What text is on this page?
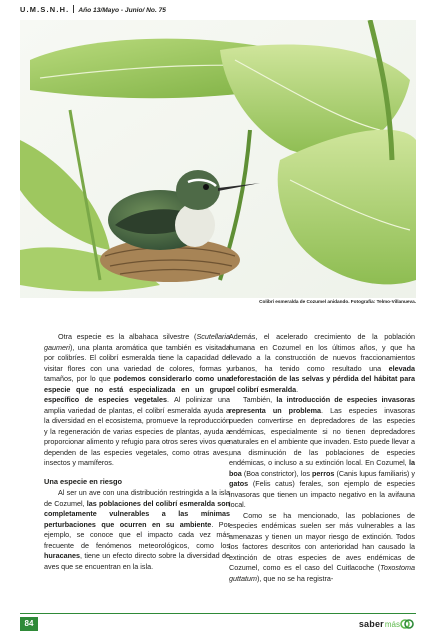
U.M.S.N.H. Año 13/Mayo - Junio/ No. 75
Colibrí esmeralda de Cozumel anidando. Fotografía: Telmo-Villanueva.

Otra especie es la albahaca silvestre (Scutellaria gaumeri), una planta aromática que también es visitada por colibríes. El colibrí esmeralda tiene la capacidad de visitar flores con una variedad de colores, formas y tamaños, por lo que podemos considerarlo como una especie que no está especializada en un grupo específico de especies vegetales. Al polinizar una amplia variedad de plantas, el colibrí esmeralda ayuda a la diversidad en el ecosistema, promueve la reproducción y la regeneración de varias especies de plantas, ayuda a proporcionar alimento y refugio para otros seres vivos que dependen de las especies vegetales, como otras aves, insectos y mamíferos.

Una especie en riesgo

Al ser un ave con una distribución restringida a la isla de Cozumel, las poblaciones del colibrí esmeralda son completamente vulnerables a las mínimas perturbaciones que ocurren en su ambiente. Por ejemplo, se conoce que el impacto cada vez más frecuente de fenómenos meteorológicos, como los huracanes, tiene un efecto directo sobre la diversidad de aves que se encuentran en la isla.

Además, el acelerado crecimiento de la población humana en Cozumel en los últimos años, y que ha llevado a la construcción de nuevos fraccionamientos urbanos, ha tenido como resultado una elevada deforestación de las selvas y pérdida del hábitat para el colibrí esmeralda.

También, la introducción de especies invasoras representa un problema. Las especies invasoras pueden convertirse en depredadores de las especies endémicas, especialmente si no tienen depredadores naturales en el ambiente que invaden. Esto puede llevar a una disminución de las poblaciones de especies endémicas, o incluso a su extinción local. En Cozumel, la boa (Boa constrictor), los perros (Canis lupus familiaris) y gatos (Felis catus) ferales, son ejemplo de especies invasoras que tienen un impacto negativo en la avifauna local.

Como se ha mencionado, las poblaciones de especies endémicas suelen ser más vulnerables a las amenazas y tienen un mayor riesgo de extinción. Todos los factores descritos con anterioridad han causado la extinción de otras especies de aves endémicas de Cozumel, como es el caso del Cuitlacoche (Toxostoma guttatum), que no se ha registra-

84	saber más
